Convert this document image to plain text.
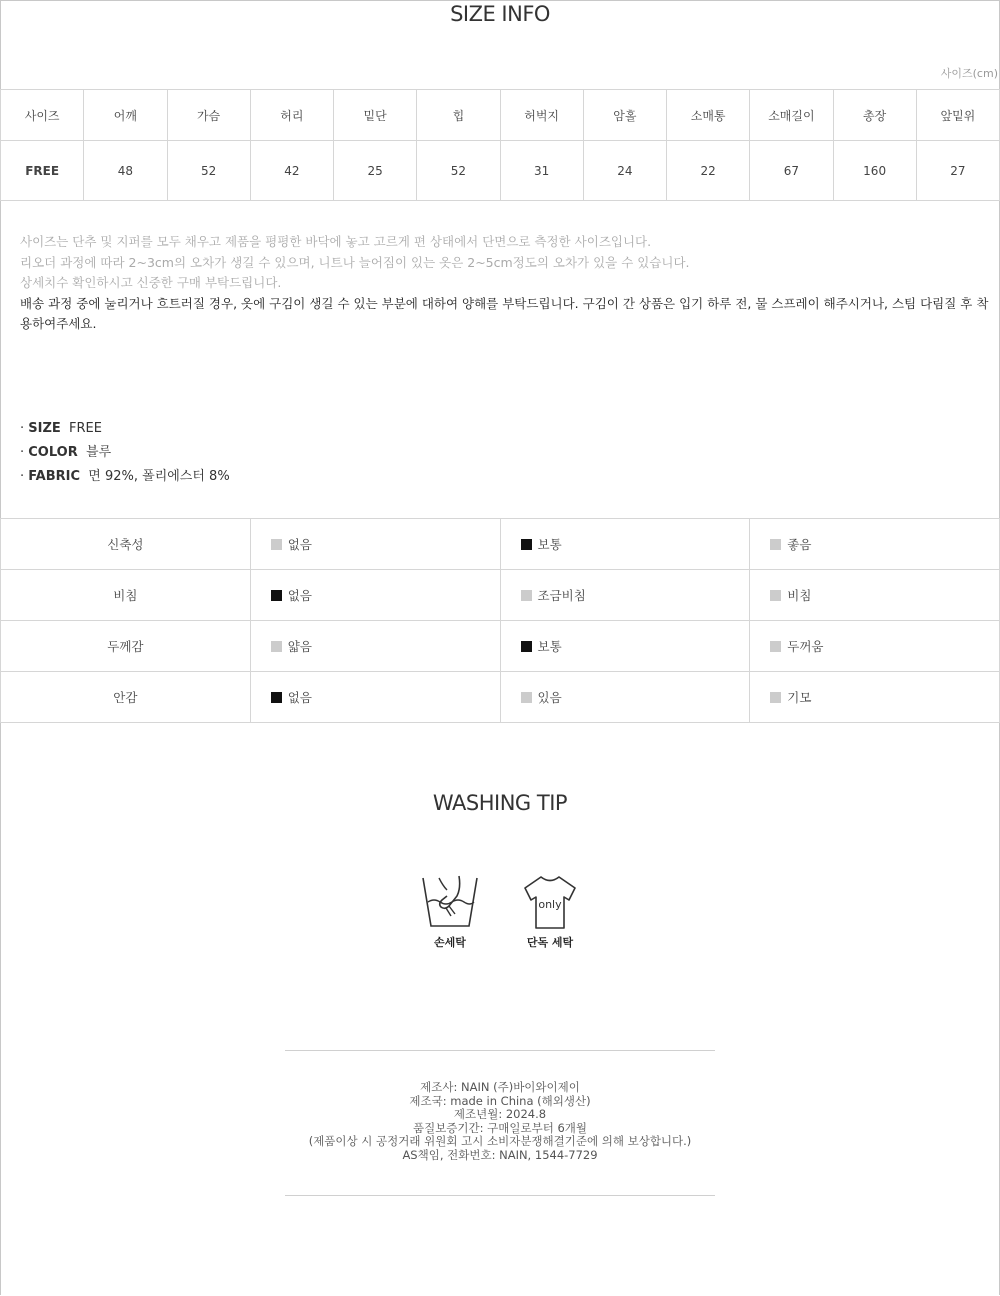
SIZE INFO
사이즈(cm)
사이즈	어깨	가슴	허리	밑단	힙	허벅지	암홀	소매통	소매길이	총장	앞밑위
FREE	48	52	42	25	52	31	24	22	67	160	27
사이즈는 단추 및 지퍼를 모두 채우고 제품을 평평한 바닥에 놓고 고르게 편 상태에서 단면으로 측정한 사이즈입니다.
리오더 과정에 따라 2~3cm의 오차가 생길 수 있으며, 니트나 늘어짐이 있는 옷은 2~5cm정도의 오차가 있을 수 있습니다.
상세치수 확인하시고 신중한 구매 부탁드립니다.
배송 과정 중에 눌리거나 흐트러질 경우, 옷에 구김이 생길 수 있는 부분에 대하여 양해를 부탁드립니다. 구김이 간 상품은 입기 하루 전, 물 스프레이 해주시거나, 스팀 다림질 후 착용하여주세요.
· SIZE FREE
· COLOR 블루
· FABRIC 면 92%, 폴리에스터 8%
신축성	없음	보통	좋음
비침	없음	조금비침	비침
두께감	얇음	보통	두꺼움
안감	없음	있음	기모
WASHING TIP
손세탁
only
단독 세탁
제조사: NAIN (주)바이와이제이
제조국: made in China (해외생산)
제조년월: 2024.8
품질보증기간: 구매일로부터 6개월
(제품이상 시 공정거래 위원회 고시 소비자분쟁해결기준에 의해 보상합니다.)
AS책임, 전화번호: NAIN, 1544-7729
